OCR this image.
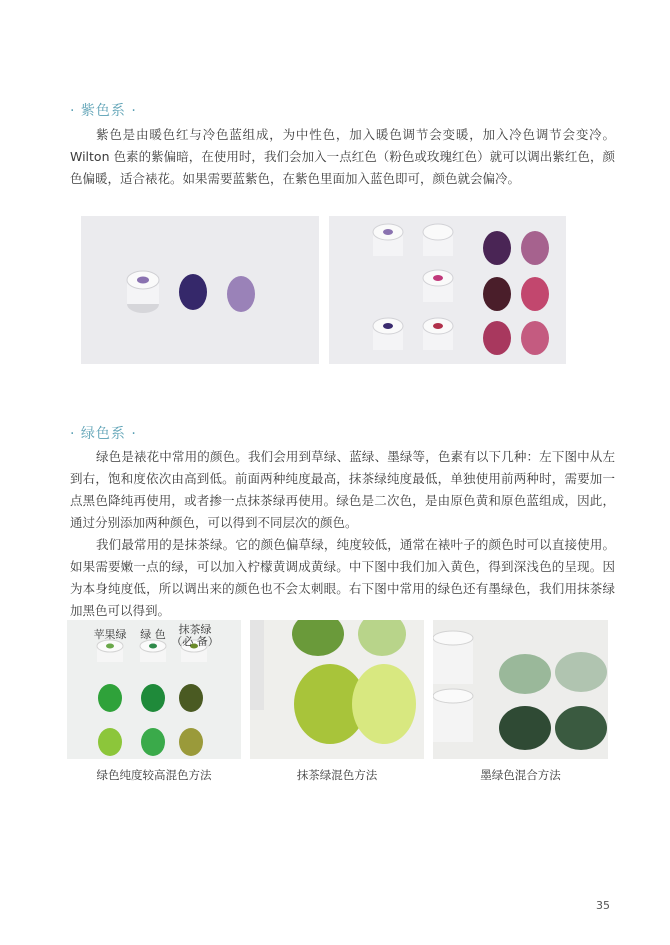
· 紫色系 ·

紫色是由暖色红与冷色蓝组成，为中性色，加入暖色调节会变暖，加入冷色调节会变冷。Wilton 色素的紫偏暗，在使用时，我们会加入一点红色（粉色或玫瑰红色）就可以调出紫红色，颜色偏暖，适合裱花。如果需要蓝紫色，在紫色里面加入蓝色即可，颜色就会偏冷。

· 绿色系 ·

绿色是裱花中常用的颜色。我们会用到草绿、蓝绿、墨绿等，色素有以下几种：左下图中从左到右，饱和度依次由高到低。前面两种纯度最高，抹茶绿纯度最低，单独使用前两种时，需要加一点黑色降纯再使用，或者掺一点抹茶绿再使用。绿色是二次色，是由原色黄和原色蓝组成，因此，通过分别添加两种颜色，可以得到不同层次的颜色。

我们最常用的是抹茶绿。它的颜色偏草绿，纯度较低，通常在裱叶子的颜色时可以直接使用。如果需要嫩一点的绿，可以加入柠檬黄调成黄绿。中下图中我们加入黄色，得到深浅色的呈现。因为本身纯度低，所以调出来的颜色也不会太刺眼。右下图中常用的绿色还有墨绿色，我们用抹茶绿加黑色可以得到。

苹果绿	绿 色	抹茶绿
（必 备）
绿色纯度较高混色方法	抹茶绿混色方法	墨绿色混合方法
35
